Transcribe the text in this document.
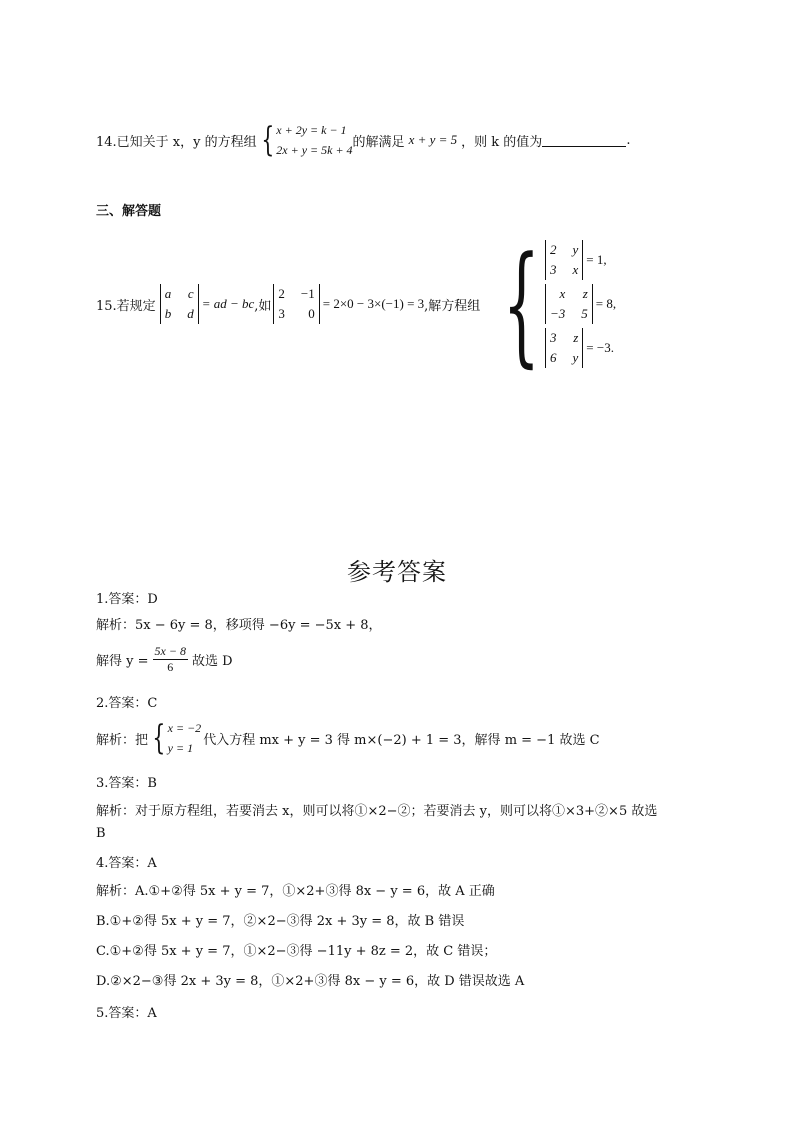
14.已知关于 x，y 的方程组 { x + 2y = k − 1
2x + y = 5k + 4
的解满足 x + y = 5 ，则 k 的值为	.
三、解答题
15.若规定
a c
b d
= ad − bc ,如
2 −1
3	0
= 2×0 − 3×(−1) = 3 ,解方程组 { 2 y
3 x
= 1,
x z
−3 5
= 8,
3 z
6 y
= −3.
参考答案
1.答案：D
解析：5x − 6y = 8，移项得 −6y = −5x + 8，
解得 $y = \frac{5x - 8}{6}$ 故选 D
2.答案：C
解析：把 { x = −2
y = 1
代入方程 mx + y = 3 得 m×(−2) + 1 = 3，解得 m = −1 故选 C
3.答案：B
解析：对于原方程组，若要消去 x，则可以将①×2−②；若要消去 y，则可以将①×3+②×5 故选
B
4.答案：A
解析：A.①+②得 5x + y = 7，①×2+③得 8x − y = 6，故 A 正确
B.①+②得 5x + y = 7，②×2−③得 2x + 3y = 8，故 B 错误
C.①+②得 5x + y = 7，①×2−③得 −11y + 8z = 2，故 C 错误；
D.②×2−③得 2x + 3y = 8，①×2+③得 8x − y = 6，故 D 错误故选 A
5.答案：A
